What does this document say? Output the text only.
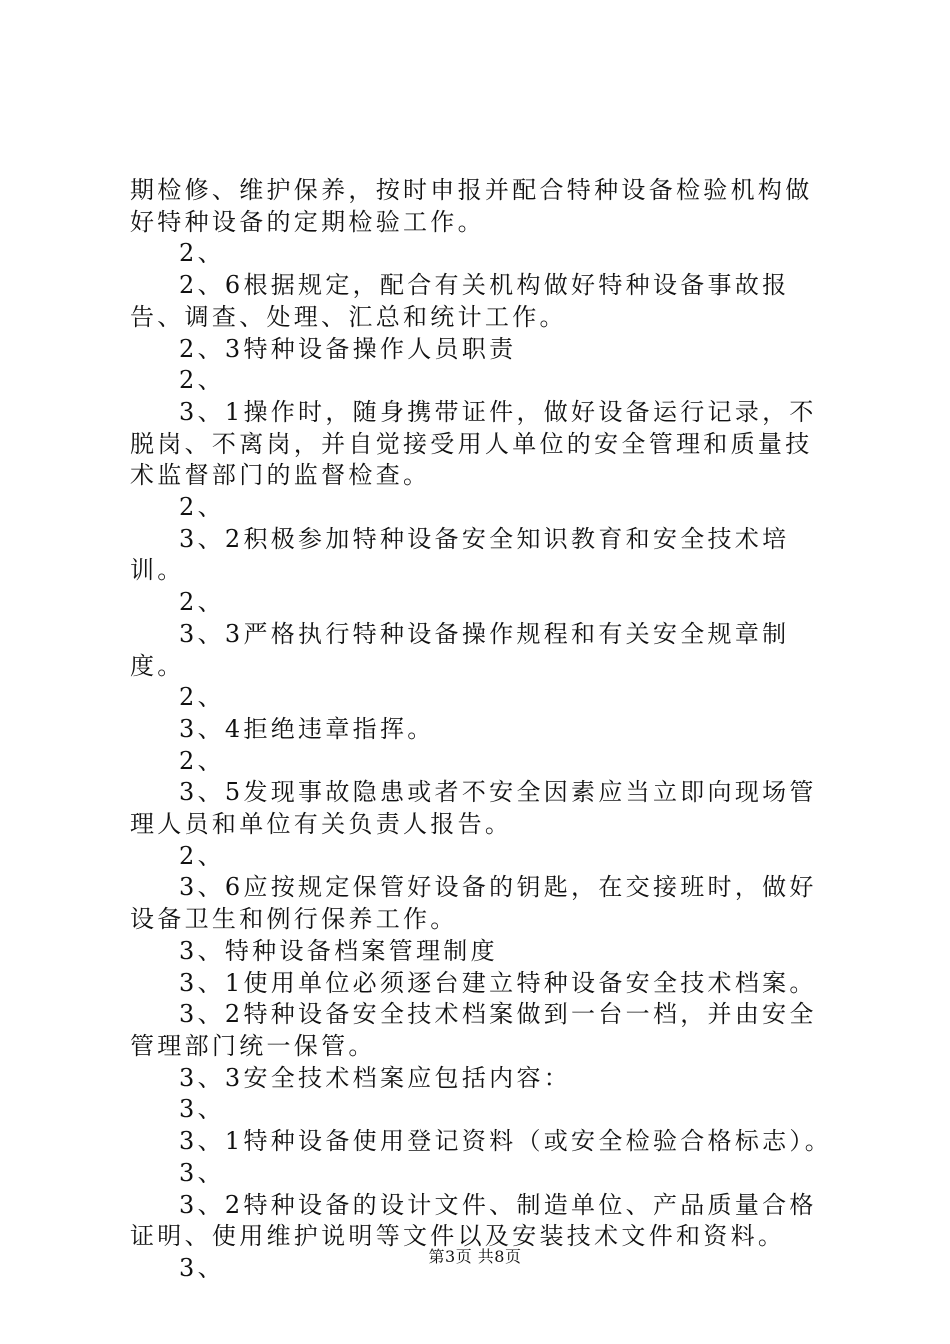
期检修、维护保养，按时申报并配合特种设备检验机构做好特种设备的定期检验工作。

2、

2、6根据规定，配合有关机构做好特种设备事故报告、调查、处理、汇总和统计工作。

2、3特种设备操作人员职责

2、

3、1操作时，随身携带证件，做好设备运行记录，不脱岗、不离岗，并自觉接受用人单位的安全管理和质量技术监督部门的监督检查。

2、

3、2积极参加特种设备安全知识教育和安全技术培训。

2、

3、3严格执行特种设备操作规程和有关安全规章制度。

2、

3、4拒绝违章指挥。

2、

3、5发现事故隐患或者不安全因素应当立即向现场管理人员和单位有关负责人报告。

2、

3、6应按规定保管好设备的钥匙，在交接班时，做好设备卫生和例行保养工作。

3、特种设备档案管理制度

3、1使用单位必须逐台建立特种设备安全技术档案。

3、2特种设备安全技术档案做到一台一档，并由安全管理部门统一保管。

3、3安全技术档案应包括内容：

3、

3、1特种设备使用登记资料（或安全检验合格标志）。

3、

3、2特种设备的设计文件、制造单位、产品质量合格证明、使用维护说明等文件以及安装技术文件和资料。

3、	第3页 共8页
